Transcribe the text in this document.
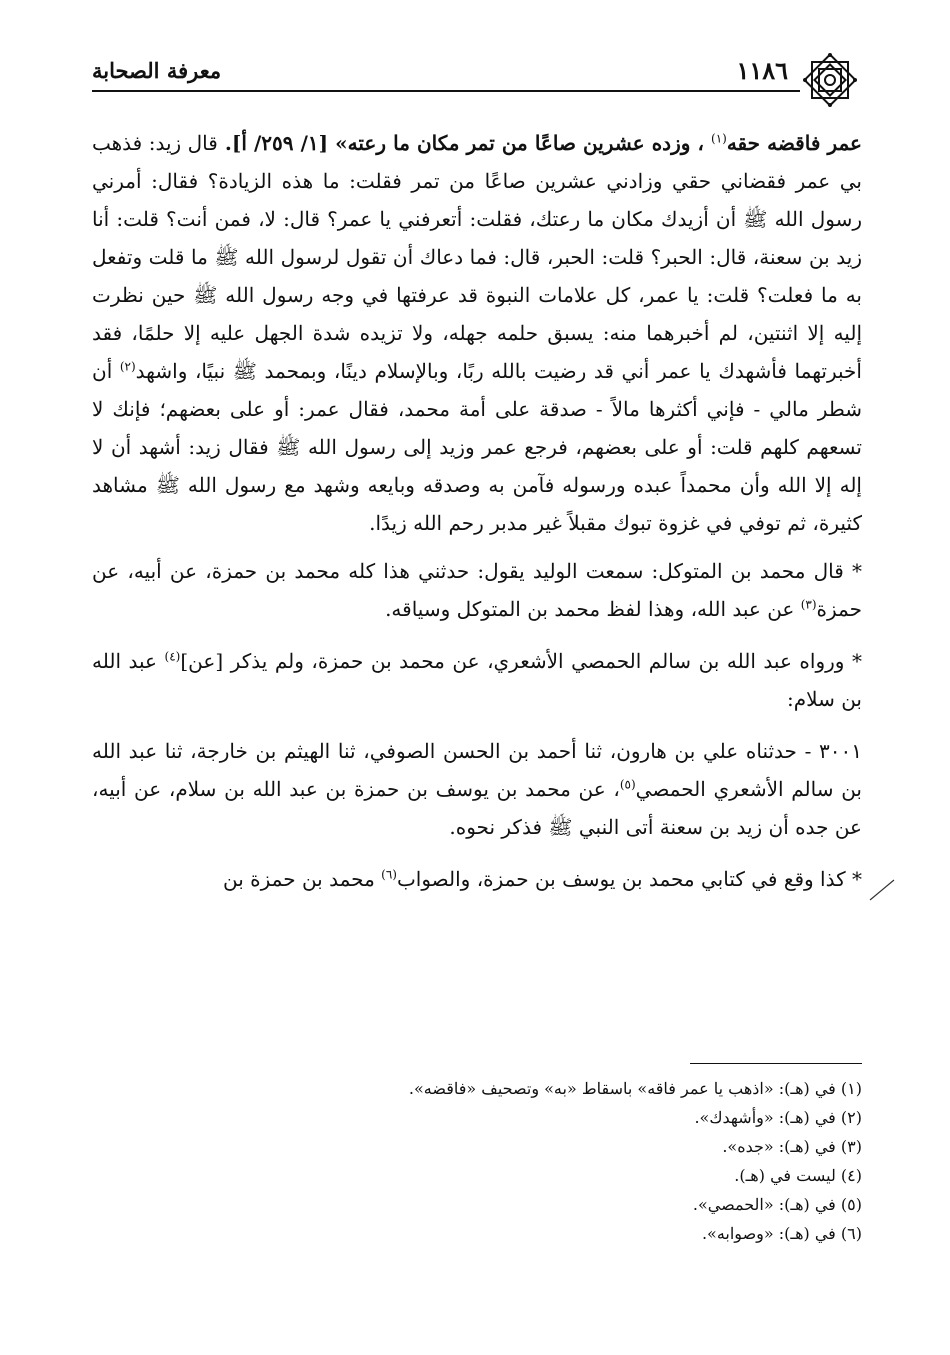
معرفة الصحابة	١١٨٦

عمر فاقضه حقه$^{(١)}$ ، وزده عشرين صاعًا من تمر مكان ما رعته» [١/ ٢٥٩/ أ]. قال زيد: فذهب بي عمر فقضاني حقي وزادني عشرين صاعًا من تمر فقلت: ما هذه الزيادة؟ فقال: أمرني رسول الله ﷺ أن أزيدك مكان ما رعتك، فقلت: أتعرفني يا عمر؟ قال: لا، فمن أنت؟ قلت: أنا زيد بن سعنة، قال: الحبر؟ قلت: الحبر، قال: فما دعاك أن تقول لرسول الله ﷺ ما قلت وتفعل به ما فعلت؟ قلت: يا عمر، كل علامات النبوة قد عرفتها في وجه رسول الله ﷺ حين نظرت إليه إلا اثنتين، لم أخبرهما منه: يسبق حلمه جهله، ولا تزيده شدة الجهل عليه إلا حلمًا، فقد أخبرتهما فأشهدك يا عمر أني قد رضيت بالله ربًا، وبالإسلام دينًا، وبمحمد ﷺ نبيًا، واشهد$^{(٢)}$ أن شطر مالي - فإني أكثرها مالاً - صدقة على أمة محمد، فقال عمر: أو على بعضهم؛ فإنك لا تسعهم كلهم قلت: أو على بعضهم، فرجع عمر وزيد إلى رسول الله ﷺ فقال زيد: أشهد أن لا إله إلا الله وأن محمداً عبده ورسوله فآمن به وصدقه وبايعه وشهد مع رسول الله ﷺ مشاهد كثيرة، ثم توفي في غزوة تبوك مقبلاً غير مدبر رحم الله زيدًا.

* قال محمد بن المتوكل: سمعت الوليد يقول: حدثني هذا كله محمد بن حمزة، عن أبيه، عن حمزة$^{(٣)}$ عن عبد الله، وهذا لفظ محمد بن المتوكل وسياقه.

* ورواه عبد الله بن سالم الحمصي الأشعري، عن محمد بن حمزة، ولم يذكر [عن]$^{(٤)}$ عبد الله بن سلام:

٣٠٠١ - حدثناه علي بن هارون، ثنا أحمد بن الحسن الصوفي، ثنا الهيثم بن خارجة، ثنا عبد الله بن سالم الأشعري الحمصي$^{(٥)}$، عن محمد بن يوسف بن حمزة بن عبد الله بن سلام، عن أبيه، عن جده أن زيد بن سعنة أتى النبي ﷺ فذكر نحوه.

* كذا وقع في كتابي محمد بن يوسف بن حمزة، والصواب$^{(٦)}$ محمد بن حمزة بن

(١) في (هـ): «اذهب يا عمر فاقه» باسقاط «به» وتصحيف «فاقضه».
(٢) في (هـ): «وأشهدك».
(٣) في (هـ): «جده».
(٤) ليست في (هـ).
(٥) في (هـ): «الحمصي».
(٦) في (هـ): «وصوابه».
